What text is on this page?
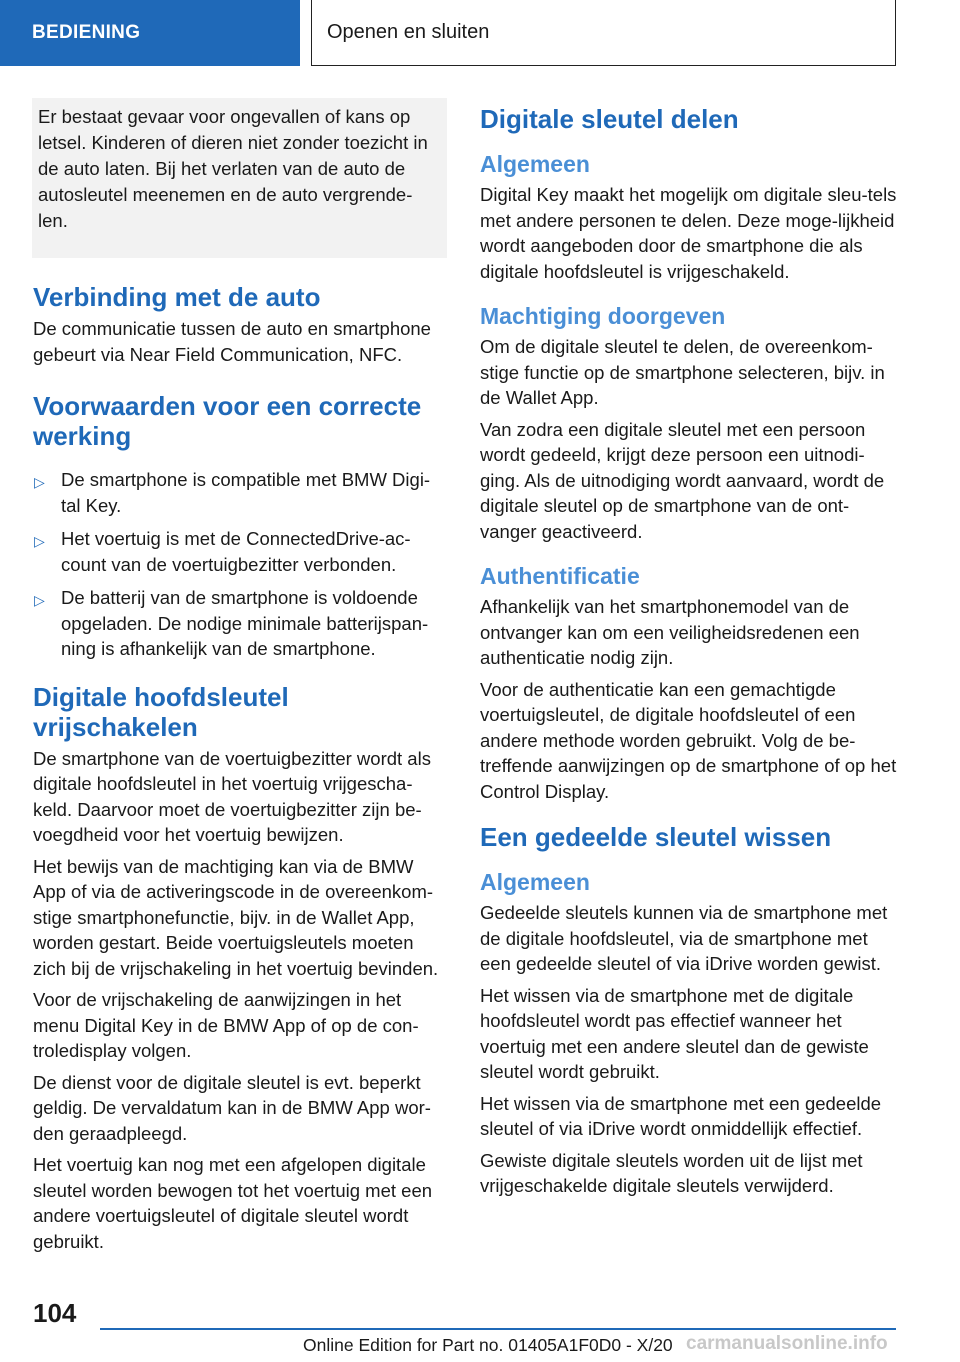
BEDIENING	Openen en sluiten
Er bestaat gevaar voor ongevallen of kans op letsel. Kinderen of dieren niet zonder toezicht in de auto laten. Bij het verlaten van de auto de autosleutel meenemen en de auto vergrende-len.
Verbinding met de auto

De communicatie tussen de auto en smartphone gebeurt via Near Field Communication, NFC.

Voorwaarden voor een correcte werking
▷ De smartphone is compatible met BMW Digi-tal Key.
▷ Het voertuig is met de ConnectedDrive-ac-count van de voertuigbezitter verbonden.
▷ De batterij van de smartphone is voldoende opgeladen. De nodige minimale batterijspan-ning is afhankelijk van de smartphone.
Digitale hoofdsleutel vrijschakelen

De smartphone van de voertuigbezitter wordt als digitale hoofdsleutel in het voertuig vrijgescha-keld. Daarvoor moet de voertuigbezitter zijn be-voegdheid voor het voertuig bewijzen.

Het bewijs van de machtiging kan via de BMW App of via de activeringscode in de overeenkom-stige smartphonefunctie, bijv. in de Wallet App, worden gestart. Beide voertuigsleutels moeten zich bij de vrijschakeling in het voertuig bevinden.

Voor de vrijschakeling de aanwijzingen in het menu Digital Key in de BMW App of op de con-troledisplay volgen.

De dienst voor de digitale sleutel is evt. beperkt geldig. De vervaldatum kan in de BMW App wor-den geraadpleegd.

Het voertuig kan nog met een afgelopen digitale sleutel worden bewogen tot het voertuig met een andere voertuigsleutel of digitale sleutel wordt gebruikt.

Digitale sleutel delen
Algemeen

Digital Key maakt het mogelijk om digitale sleu-tels met andere personen te delen. Deze moge-lijkheid wordt aangeboden door de smartphone die als digitale hoofdsleutel is vrijgeschakeld.

Machtiging doorgeven

Om de digitale sleutel te delen, de overeenkom-stige functie op de smartphone selecteren, bijv. in de Wallet App.

Van zodra een digitale sleutel met een persoon wordt gedeeld, krijgt deze persoon een uitnodi-ging. Als de uitnodiging wordt aanvaard, wordt de digitale sleutel op de smartphone van de ont-vanger geactiveerd.

Authentificatie

Afhankelijk van het smartphonemodel van de ontvanger kan om een veiligheidsredenen een authenticatie nodig zijn.

Voor de authenticatie kan een gemachtigde voertuigsleutel, de digitale hoofdsleutel of een andere methode worden gebruikt. Volg de be-treffende aanwijzingen op de smartphone of op het Control Display.

Een gedeelde sleutel wissen
Algemeen

Gedeelde sleutels kunnen via de smartphone met de digitale hoofdsleutel, via de smartphone met een gedeelde sleutel of via iDrive worden gewist.

Het wissen via de smartphone met de digitale hoofdsleutel wordt pas effectief wanneer het voertuig met een andere sleutel dan de gewiste sleutel wordt gebruikt.

Het wissen via de smartphone met een gedeelde sleutel of via iDrive wordt onmiddellijk effectief.

Gewiste digitale sleutels worden uit de lijst met vrijgeschakelde digitale sleutels verwijderd.

104
Online Edition for Part no. 01405A1F0D0 - X/20 carmanualsonline.info
